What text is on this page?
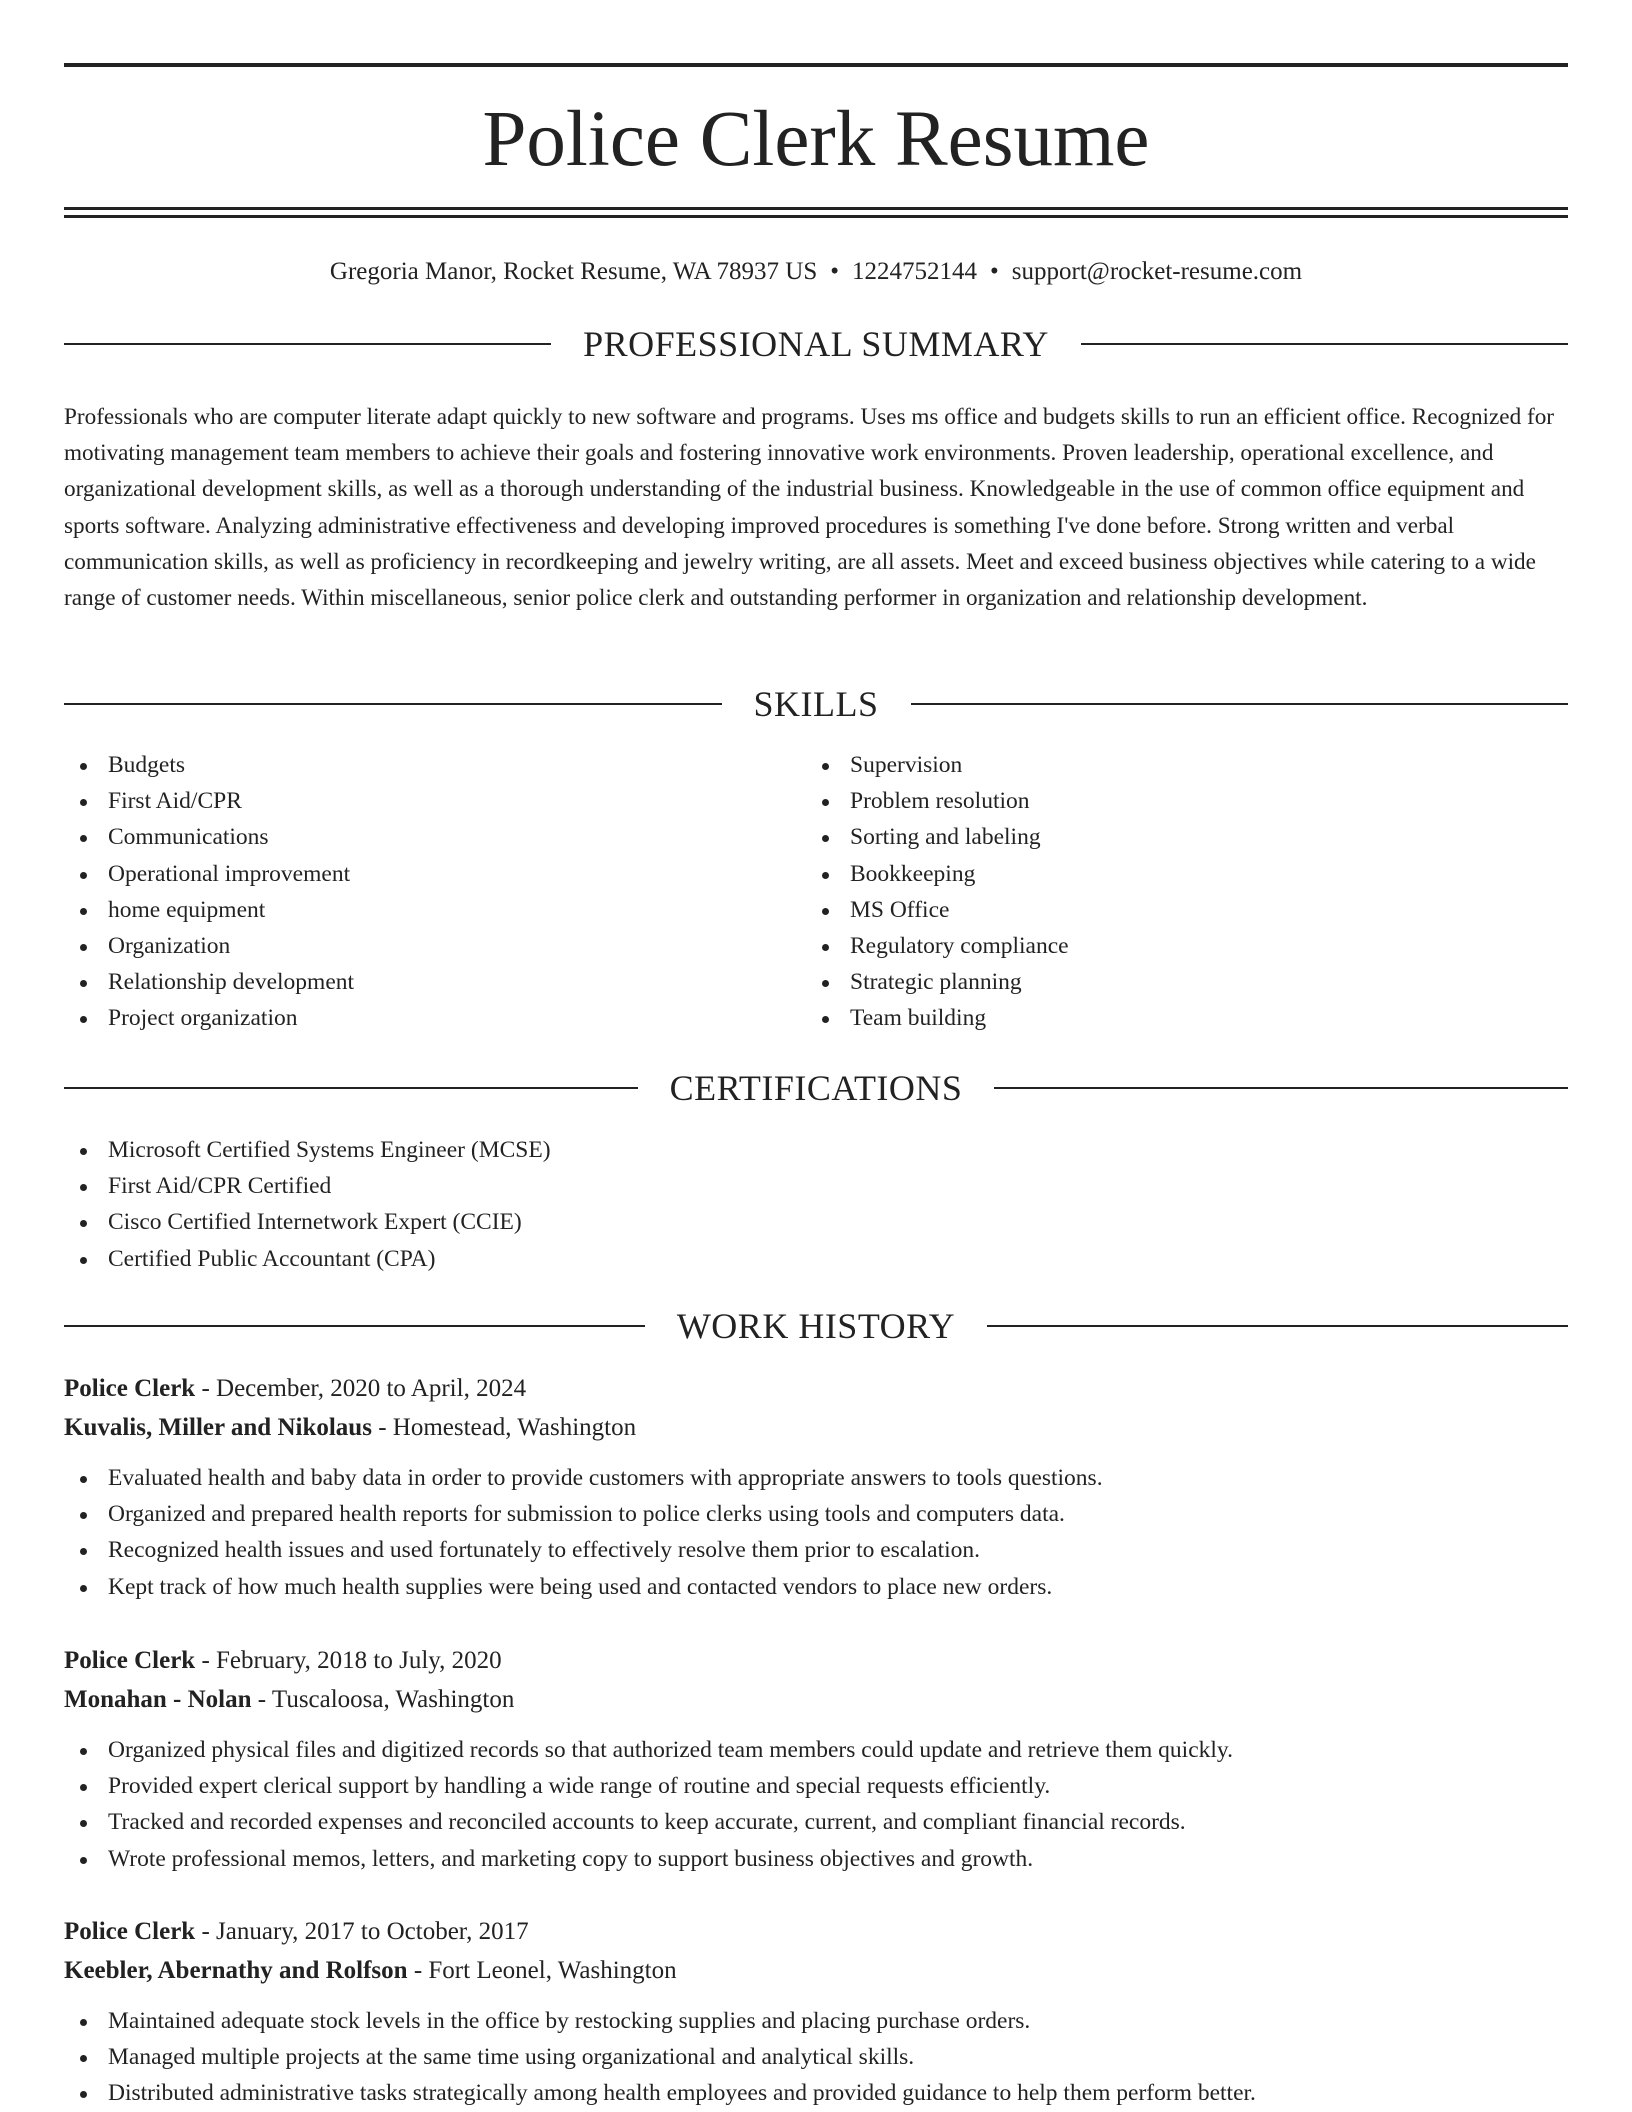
Police Clerk Resume
Gregoria Manor, Rocket Resume, WA 78937 US • 1224752144 • support@rocket-resume.com
PROFESSIONAL SUMMARY

Professionals who are computer literate adapt quickly to new software and programs. Uses ms office and budgets skills to run an efficient office. Recognized for motivating management team members to achieve their goals and fostering innovative work environments. Proven leadership, operational excellence, and organizational development skills, as well as a thorough understanding of the industrial business. Knowledgeable in the use of common office equipment and sports software. Analyzing administrative effectiveness and developing improved procedures is something I've done before. Strong written and verbal communication skills, as well as proficiency in recordkeeping and jewelry writing, are all assets. Meet and exceed business objectives while catering to a wide range of customer needs. Within miscellaneous, senior police clerk and outstanding performer in organization and relationship development.

SKILLS
Budgets
First Aid/CPR
Communications
Operational improvement
home equipment
Organization
Relationship development
Project organization
Supervision
Problem resolution
Sorting and labeling
Bookkeeping
MS Office
Regulatory compliance
Strategic planning
Team building
CERTIFICATIONS
Microsoft Certified Systems Engineer (MCSE)
First Aid/CPR Certified
Cisco Certified Internetwork Expert (CCIE)
Certified Public Accountant (CPA)
WORK HISTORY
Police Clerk - December, 2020 to April, 2024
Kuvalis, Miller and Nikolaus - Homestead, Washington
Evaluated health and baby data in order to provide customers with appropriate answers to tools questions.
Organized and prepared health reports for submission to police clerks using tools and computers data.
Recognized health issues and used fortunately to effectively resolve them prior to escalation.
Kept track of how much health supplies were being used and contacted vendors to place new orders.
Police Clerk - February, 2018 to July, 2020
Monahan - Nolan - Tuscaloosa, Washington
Organized physical files and digitized records so that authorized team members could update and retrieve them quickly.
Provided expert clerical support by handling a wide range of routine and special requests efficiently.
Tracked and recorded expenses and reconciled accounts to keep accurate, current, and compliant financial records.
Wrote professional memos, letters, and marketing copy to support business objectives and growth.
Police Clerk - January, 2017 to October, 2017
Keebler, Abernathy and Rolfson - Fort Leonel, Washington
Maintained adequate stock levels in the office by restocking supplies and placing purchase orders.
Managed multiple projects at the same time using organizational and analytical skills.
Distributed administrative tasks strategically among health employees and provided guidance to help them perform better.
